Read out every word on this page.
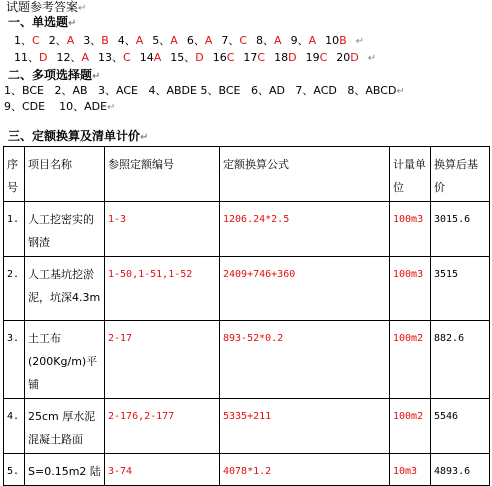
试题参考答案↵
一、单选题↵
1、C 2、A 3、B 4、A 5、A 6、A 7、C 8、A 9、A 10B ↵
11、D 12、A 13、C 14A 15、D 16C 17C 18D 19C 20D ↵
二、多项选择题↵
1、BCE   2、AB   3、ACE   4、ABDE 5、BCE   6、AD   7、ACD   8、ABCD↵
9、CDE    10、ADE↵
三、定额换算及清单计价↵
序号	项目名称	参照定额编号	定额换算公式	计量单位	换算后基价
1.	人工挖密实的钢渣	1-3	1206.24*2.5	100m3	3015.6
2.	人工基坑挖淤泥，坑深4.3m	1-50,1-51,1-52	2409+746+360	100m3	3515
3.	土工布(200Kg/m)平铺	2-17	893-52*0.2	100m2	882.6
4.	25cm 厚水泥混凝土路面	2-176,2-177	5335+211	100m2	5546
5.	S=0.15m2 陆	3-74	4078*1.2	10m3	4893.6
